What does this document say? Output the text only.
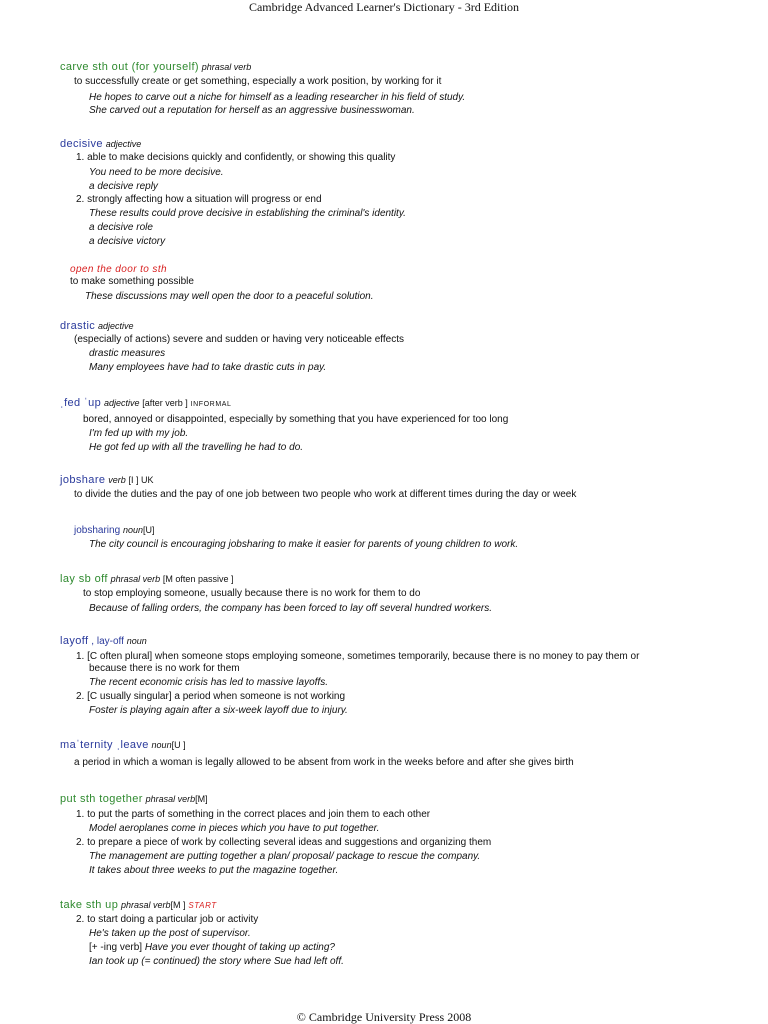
Cambridge Advanced Learner's Dictionary - 3rd Edition
carve sth out (for yourself) phrasal verb
to successfully create or get something, especially a work position, by working for it
He hopes to carve out a niche for himself as a leading researcher in his field of study.
She carved out a reputation for herself as an aggressive businesswoman.
decisive adjective
1. able to make decisions quickly and confidently, or showing this quality
You need to be more decisive.
a decisive reply
2. strongly affecting how a situation will progress or end
These results could prove decisive in establishing the criminal's identity.
a decisive role
a decisive victory
open the door to sth
to make something possible
These discussions may well open the door to a peaceful solution.
drastic adjective
(especially of actions) severe and sudden or having very noticeable effects
drastic measures
Many employees have had to take drastic cuts in pay.
ˌfed ˈup adjective [after verb ] INFORMAL
bored, annoyed or disappointed, especially by something that you have experienced for too long
I'm fed up with my job.
He got fed up with all the travelling he had to do.
jobshare verb [I ] UK
to divide the duties and the pay of one job between two people who work at different times during the day or week
jobsharing noun[U]
The city council is encouraging jobsharing to make it easier for parents of young children to work.
lay sb off phrasal verb [M often passive ]
to stop employing someone, usually because there is no work for them to do
Because of falling orders, the company has been forced to lay off several hundred workers.
layoff , lay-off noun
1. [C often plural] when someone stops employing someone, sometimes temporarily, because there is no money to pay them or
because there is no work for them
The recent economic crisis has led to massive layoffs.
2. [C usually singular] a period when someone is not working
Foster is playing again after a six-week layoff due to injury.
maˈternity ˌleave noun[U ]
a period in which a woman is legally allowed to be absent from work in the weeks before and after she gives birth
put sth together phrasal verb[M]
1. to put the parts of something in the correct places and join them to each other
Model aeroplanes come in pieces which you have to put together.
2. to prepare a piece of work by collecting several ideas and suggestions and organizing them
The management are putting together a plan/ proposal/ package to rescue the company.
It takes about three weeks to put the magazine together.
take sth up phrasal verb[M ] START
2. to start doing a particular job or activity
He's taken up the post of supervisor.
[+ -ing verb] Have you ever thought of taking up acting?
Ian took up (= continued) the story where Sue had left off.
© Cambridge University Press 2008
